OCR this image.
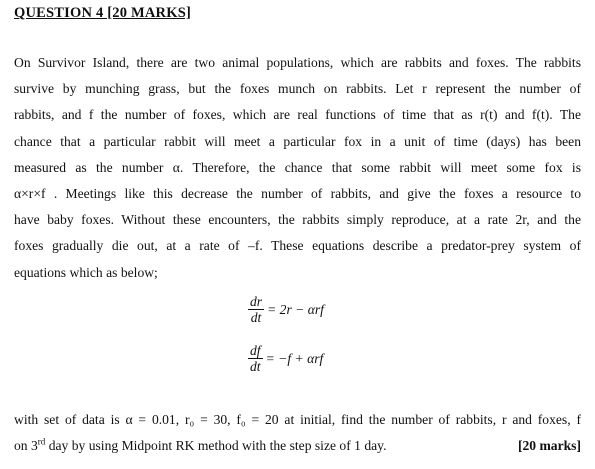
QUESTION 4 [20 MARKS]
On Survivor Island, there are two animal populations, which are rabbits and foxes. The rabbits
survive by munching grass, but the foxes munch on rabbits. Let r represent the number of
rabbits, and f the number of foxes, which are real functions of time that as r(t) and f(t). The
chance that a particular rabbit will meet a particular fox in a unit of time (days) has been
measured as the number α. Therefore, the chance that some rabbit will meet some fox is
α×r×f . Meetings like this decrease the number of rabbits, and give the foxes a resource to
have baby foxes. Without these encounters, the rabbits simply reproduce, at a rate 2r, and the
foxes gradually die out, at a rate of –f. These equations describe a predator-prey system of
equations which as below;
$\frac{dr}{dt} = 2r - \alpha rf$
$\frac{df}{dt} = -f + \alpha rf$
with set of data is α = 0.01, r₀ = 30, f₀ = 20 at initial, find the number of rabbits, r and foxes, f
on 3rd day by using Midpoint RK method with the step size of 1 day.	[20 marks]
